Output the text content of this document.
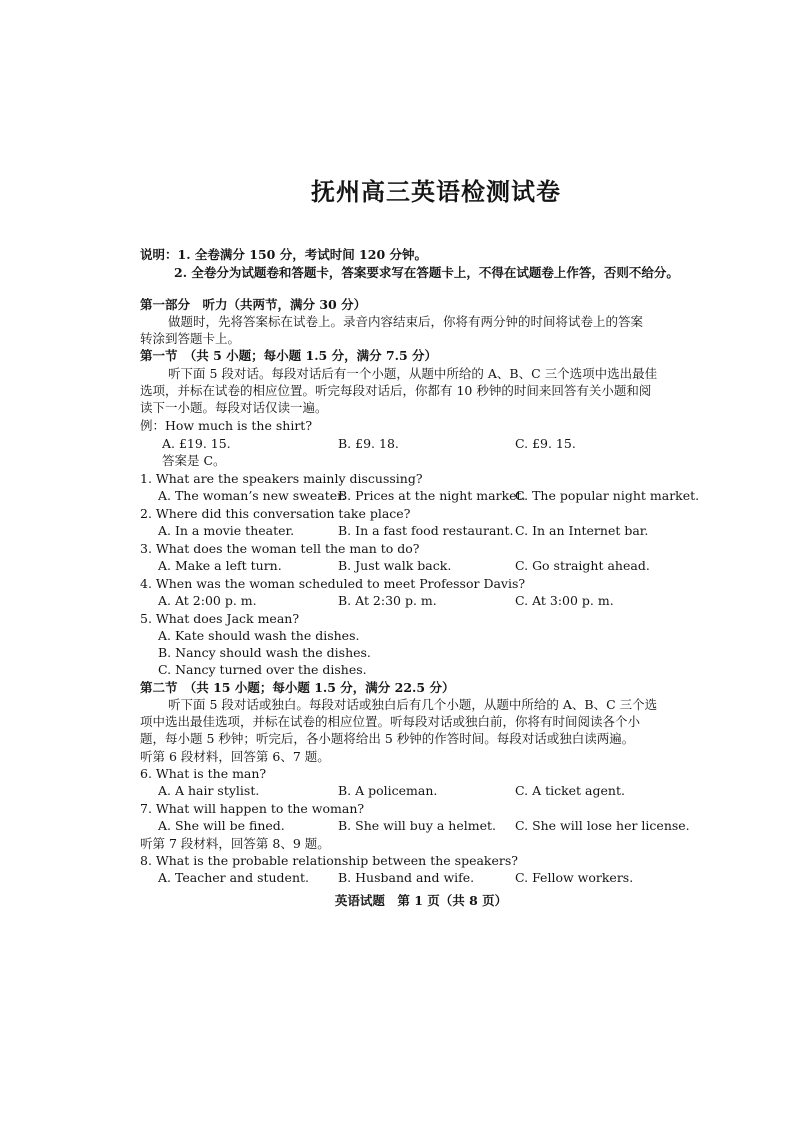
抚州高三英语检测试卷
说明：1. 全卷满分 150 分，考试时间 120 分钟。
2. 全卷分为试题卷和答题卡，答案要求写在答题卡上，不得在试题卷上作答，否则不给分。
第一部分　听力（共两节，满分 30 分）
做题时，先将答案标在试卷上。录音内容结束后，你将有两分钟的时间将试卷上的答案
转涂到答题卡上。
第一节　（共 5 小题；每小题 1.5 分，满分 7.5 分）
听下面 5 段对话。每段对话后有一个小题，从题中所给的 A、B、C 三个选项中选出最佳
选项，并标在试卷的相应位置。听完每段对话后，你都有 10 秒钟的时间来回答有关小题和阅
读下一小题。每段对话仅读一遍。
例：How much is the shirt?
A. £19. 15.	B. £9. 18.	C. £9. 15.
答案是 C。
1. What are the speakers mainly discussing?
A. The woman’s new sweater.
B. Prices at the night market.
C. The popular night market.
2. Where did this conversation take place?
A. In a movie theater.	B. In a fast food restaurant. C. In an Internet bar.
3. What does the woman tell the man to do?
A. Make a left turn.	B. Just walk back.	C. Go straight ahead.
4. When was the woman scheduled to meet Professor Davis?
A. At 2:00 p. m.	B. At 2:30 p. m.	C. At 3:00 p. m.
5. What does Jack mean?
A. Kate should wash the dishes.
B. Nancy should wash the dishes.
C. Nancy turned over the dishes.
第二节　（共 15 小题；每小题 1.5 分，满分 22.5 分）
听下面 5 段对话或独白。每段对话或独白后有几个小题，从题中所给的 A、B、C 三个选
项中选出最佳选项，并标在试卷的相应位置。听每段对话或独白前，你将有时间阅读各个小
题，每小题 5 秒钟；听完后，各小题将给出 5 秒钟的作答时间。每段对话或独白读两遍。
听第 6 段材料，回答第 6、7 题。
6. What is the man?
A. A hair stylist.	B. A policeman.	C. A ticket agent.
7. What will happen to the woman?
A. She will be fined.	B. She will buy a helmet. C. She will lose her license.
听第 7 段材料，回答第 8、9 题。
8. What is the probable relationship between the speakers?
A. Teacher and student. B. Husband and wife.	C. Fellow workers.
英语试题　第 1 页（共 8 页）
